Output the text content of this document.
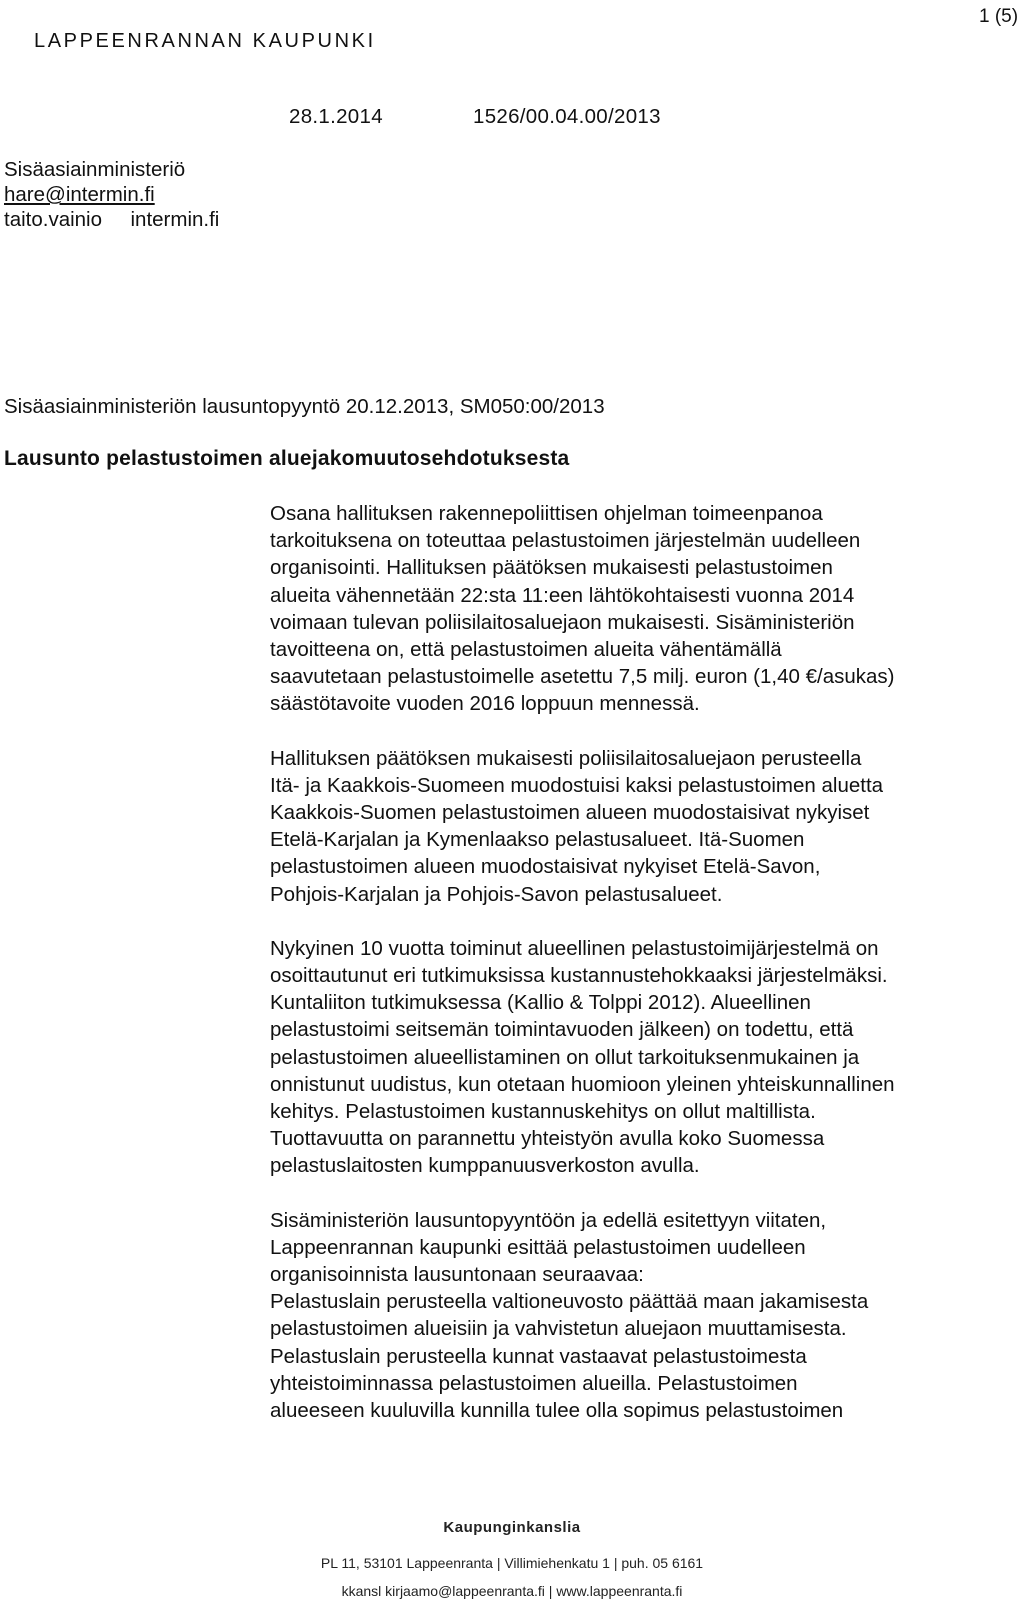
LAPPEENRANNAN KAUPUNKI
1 (5)
28.1.2014	1526/00.04.00/2013
Sisäasiainministeriö
hare@intermin.fi
taito.vainio     intermin.fi
Sisäasiainministeriön lausuntopyyntö 20.12.2013, SM050:00/2013
Lausunto pelastustoimen aluejakomuutosehdotuksesta

Osana hallituksen rakennepoliittisen ohjelman toimeenpanoa
tarkoituksena on toteuttaa pelastustoimen järjestelmän uudelleen
organisointi. Hallituksen päätöksen mukaisesti pelastustoimen
alueita vähennetään 22:sta 11:een lähtökohtaisesti vuonna 2014
voimaan tulevan poliisilaitosaluejaon mukaisesti. Sisäministeriön
tavoitteena on, että pelastustoimen alueita vähentämällä
saavutetaan pelastustoimelle asetettu 7,5 milj. euron (1,40 €/asukas)
säästötavoite vuoden 2016 loppuun mennessä.

Hallituksen päätöksen mukaisesti poliisilaitosaluejaon perusteella
Itä- ja Kaakkois-Suomeen muodostuisi kaksi pelastustoimen aluetta
Kaakkois-Suomen pelastustoimen alueen muodostaisivat nykyiset
Etelä-Karjalan ja Kymenlaakso pelastusalueet. Itä-Suomen
pelastustoimen alueen muodostaisivat nykyiset Etelä-Savon,
Pohjois-Karjalan ja Pohjois-Savon pelastusalueet.

Nykyinen 10 vuotta toiminut alueellinen pelastustoimijärjestelmä on
osoittautunut eri tutkimuksissa kustannustehokkaaksi järjestelmäksi.
Kuntaliiton tutkimuksessa (Kallio & Tolppi 2012). Alueellinen
pelastustoimi seitsemän toimintavuoden jälkeen) on todettu, että
pelastustoimen alueellistaminen on ollut tarkoituksenmukainen ja
onnistunut uudistus, kun otetaan huomioon yleinen yhteiskunnallinen
kehitys. Pelastustoimen kustannuskehitys on ollut maltillista.
Tuottavuutta on parannettu yhteistyön avulla koko Suomessa
pelastuslaitosten kumppanuusverkoston avulla.

Sisäministeriön lausuntopyyntöön ja edellä esitettyyn viitaten,
Lappeenrannan kaupunki esittää pelastustoimen uudelleen
organisoinnista lausuntonaan seuraavaa:
Pelastuslain perusteella valtioneuvosto päättää maan jakamisesta
pelastustoimen alueisiin ja vahvistetun aluejaon muuttamisesta.
Pelastuslain perusteella kunnat vastaavat pelastustoimesta
yhteistoiminnassa pelastustoimen alueilla. Pelastustoimen
alueeseen kuuluvilla kunnilla tulee olla sopimus pelastustoimen

Kaupunginkanslia
PL 11, 53101 Lappeenranta | Villimiehenkatu 1 | puh. 05 6161
kkansl kirjaamo@lappeenranta.fi | www.lappeenranta.fi
